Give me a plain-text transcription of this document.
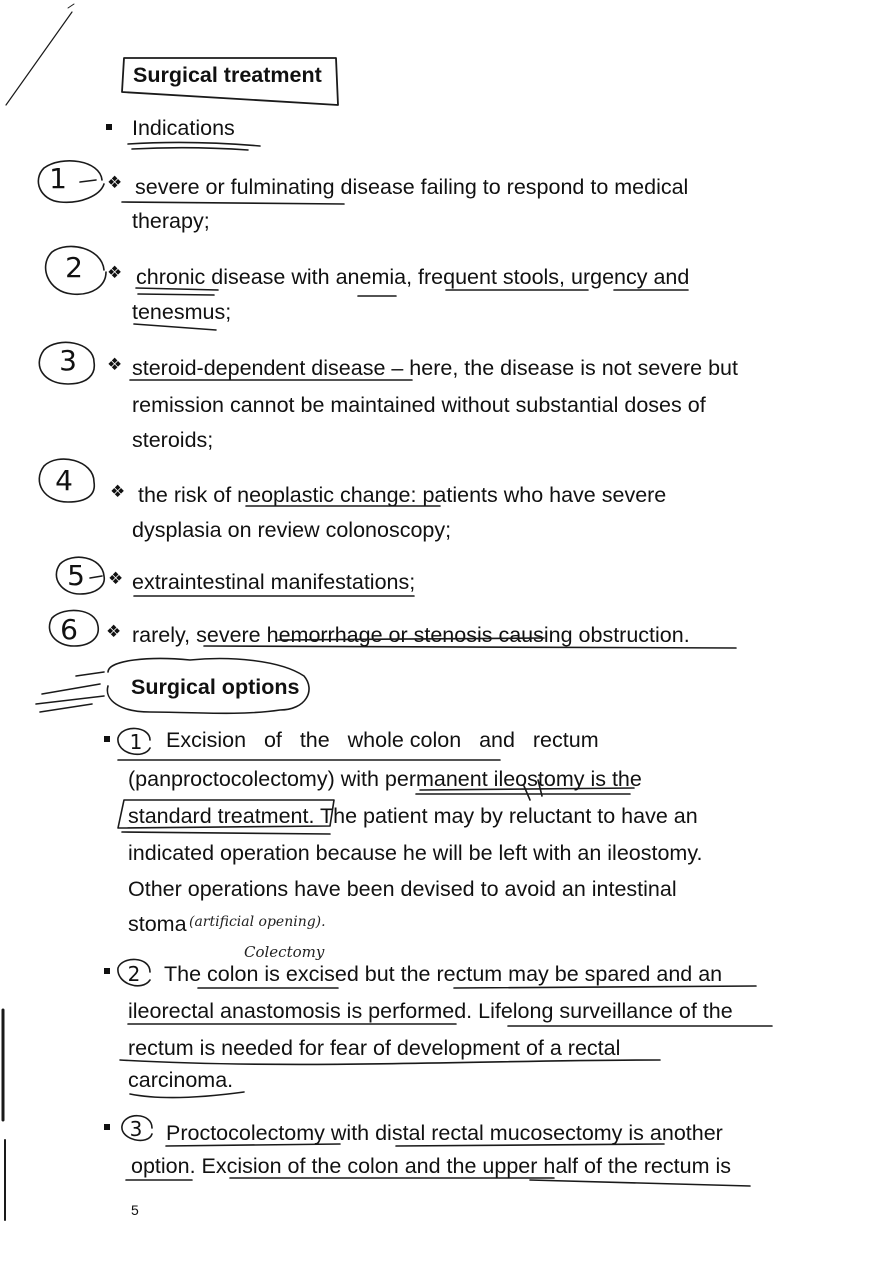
Surgical treatment
Indications
1 ❖ severe or fulminating disease failing to respond to medical
therapy;
2 ❖ chronic disease with anemia, frequent stools, urgency and
tenesmus;
3 ❖ steroid-dependent disease – here, the disease is not severe but
remission cannot be maintained without substantial doses of
steroids;
4 ❖ the risk of neoplastic change: patients who have severe
dysplasia on review colonoscopy;
5 ❖ extraintestinal manifestations;
6 ❖ rarely, severe hemorrhage or stenosis causing obstruction.
Surgical options
1 Excision   of   the   whole colon   and   rectum
(panproctocolectomy) with permanent ileostomy is the
standard treatment. The patient may by reluctant to have an
indicated operation because he will be left with an ileostomy.
Other operations have been devised to avoid an intestinal
stoma (artificial opening).
Colectomy
2 The colon is excised but the rectum may be spared and an
ileorectal anastomosis is performed. Lifelong surveillance of the
rectum is needed for fear of development of a rectal
carcinoma.
3 Proctocolectomy with distal rectal mucosectomy is another
option. Excision of the colon and the upper half of the rectum is
5
